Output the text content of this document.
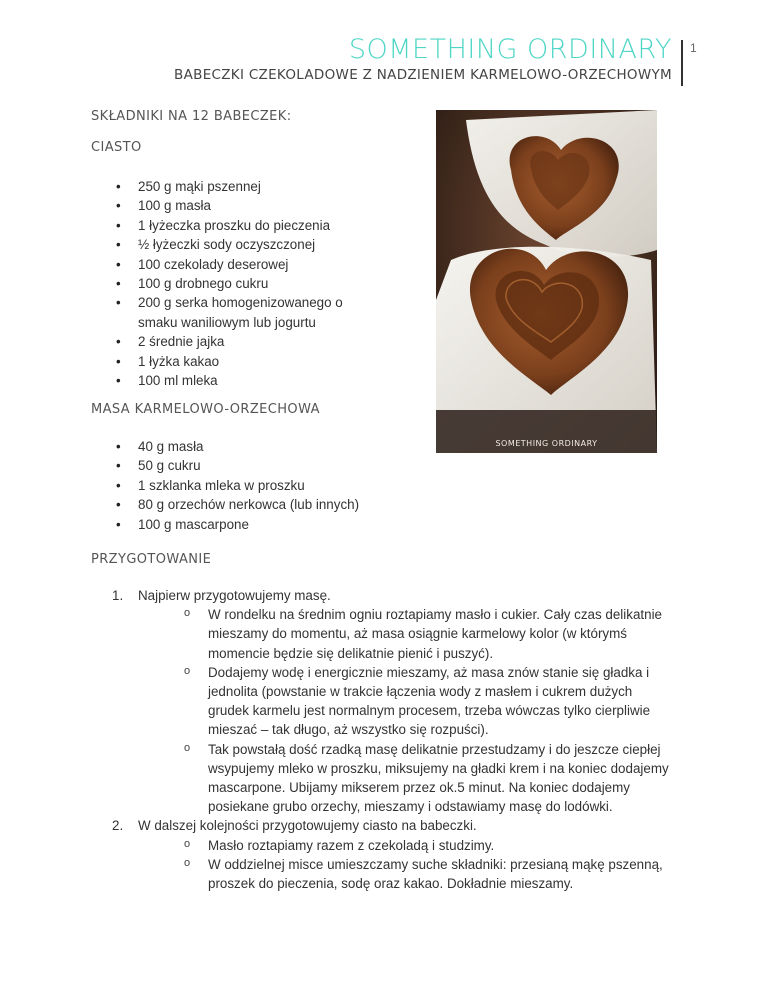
SOMETHING ORDINARY 1
BABECZKI CZEKOLADOWE Z NADZIENIEM KARMELOWO-ORZECHOWYM
SKŁADNIKI NA 12 BABECZEK:
CIASTO
• 250 g mąki pszennej
• 100 g masła
• 1 łyżeczka proszku do pieczenia
• ½ łyżeczki sody oczyszczonej
• 100 czekolady deserowej
• 100 g drobnego cukru
• 200 g serka homogenizowanego o smaku waniliowym lub jogurtu
• 2 średnie jajka
• 1 łyżka kakao
• 100 ml mleka
MASA KARMELOWO-ORZECHOWA
• 40 g masła
• 50 g cukru
• 1 szklanka mleka w proszku
• 80 g orzechów nerkowca (lub innych)
• 100 g mascarpone
SOMETHING ORDINARY
PRZYGOTOWANIE
1. Najpierw przygotowujemy masę.
o W rondelku na średnim ogniu roztapiamy masło i cukier. Cały czas delikatnie mieszamy do momentu, aż masa osiągnie karmelowy kolor (w którymś momencie będzie się delikatnie pienić i puszyć).
o Dodajemy wodę i energicznie mieszamy, aż masa znów stanie się gładka i jednolita (powstanie w trakcie łączenia wody z masłem i cukrem dużych grudek karmelu jest normalnym procesem, trzeba wówczas tylko cierpliwie mieszać – tak długo, aż wszystko się rozpuści).
o Tak powstałą dość rzadką masę delikatnie przestudzamy i do jeszcze ciepłej wsypujemy mleko w proszku, miksujemy na gładki krem i na koniec dodajemy mascarpone. Ubijamy mikserem przez ok.5 minut. Na koniec dodajemy posiekane grubo orzechy, mieszamy i odstawiamy masę do lodówki.
2. W dalszej kolejności przygotowujemy ciasto na babeczki.
o Masło roztapiamy razem z czekoladą i studzimy.
o W oddzielnej misce umieszczamy suche składniki: przesianą mąkę pszenną, proszek do pieczenia, sodę oraz kakao. Dokładnie mieszamy.
